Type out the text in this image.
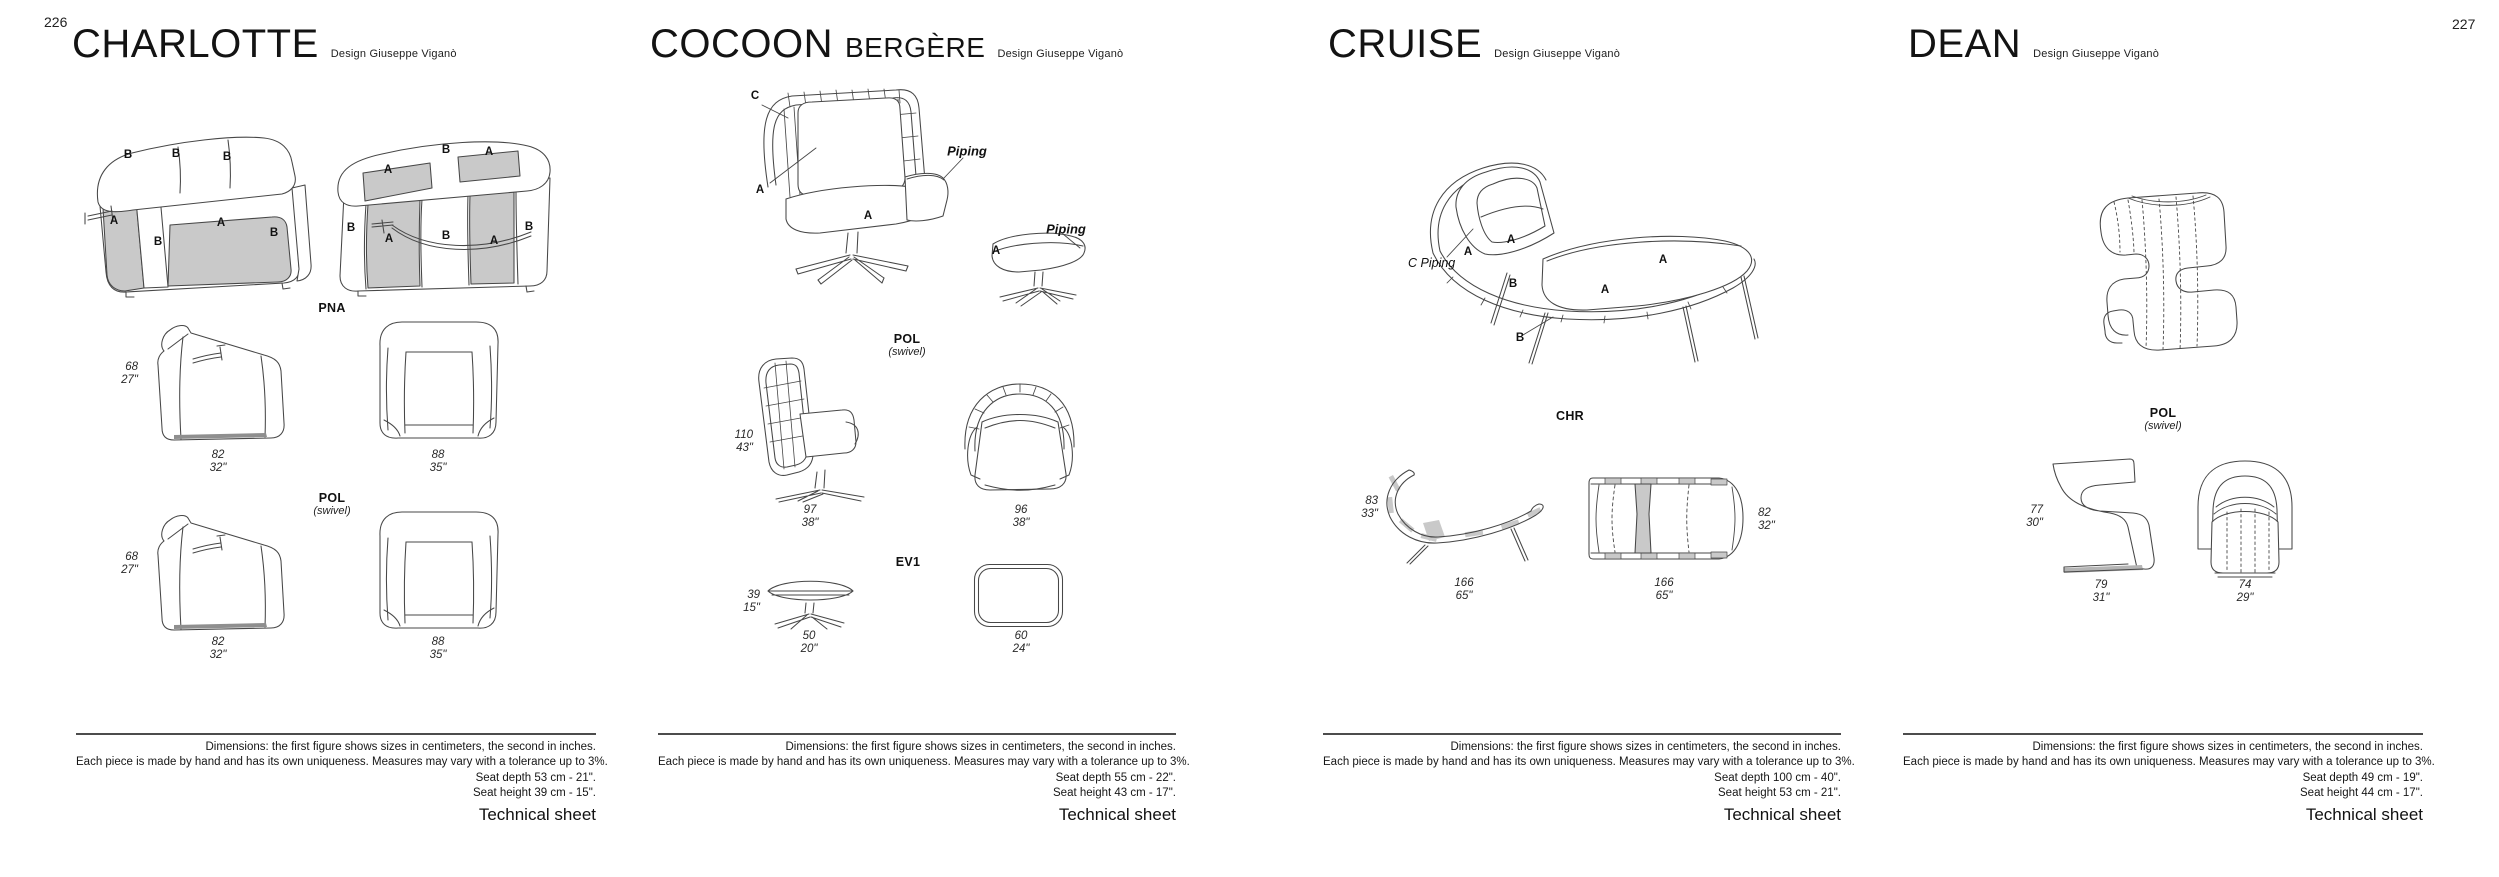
226	227
CHARLOTTE Design Giuseppe Viganò
B	B	B
A
B
A
B
A
B	A
B
A	B	A
B
PNA
68
27"
82
32"
88
35"
POL
(swivel)
68
27"
82
32"
88
35"
Dimensions: the first figure shows sizes in centimeters, the second in inches.
Each piece is made by hand and has its own uniqueness. Measures may vary with a tolerance up to 3%.
Seat depth 53 cm - 21".
Seat height 39 cm - 15".
Technical sheet
COCOON BERGÈRE Design Giuseppe Viganò
C
A
A
Piping
A
Piping
POL
(swivel)
110
43"
97
38"
96
38"
EV1
39
15"
50
20"
60
24"
Dimensions: the first figure shows sizes in centimeters, the second in inches.
Each piece is made by hand and has its own uniqueness. Measures may vary with a tolerance up to 3%.
Seat depth 55 cm - 22".
Seat height 43 cm - 17".
Technical sheet
CRUISE Design Giuseppe Viganò
C Piping
A
A
B
A
A
B
CHR
83
33"
166
65"
166
65"
82
32"
Dimensions: the first figure shows sizes in centimeters, the second in inches.
Each piece is made by hand and has its own uniqueness. Measures may vary with a tolerance up to 3%.
Seat depth 100 cm - 40".
Seat height 53 cm - 21".
Technical sheet
DEAN Design Giuseppe Viganò
POL
(swivel)
77
30"
79
31"
74
29"
Dimensions: the first figure shows sizes in centimeters, the second in inches.
Each piece is made by hand and has its own uniqueness. Measures may vary with a tolerance up to 3%.
Seat depth 49 cm - 19".
Seat height 44 cm - 17".
Technical sheet
